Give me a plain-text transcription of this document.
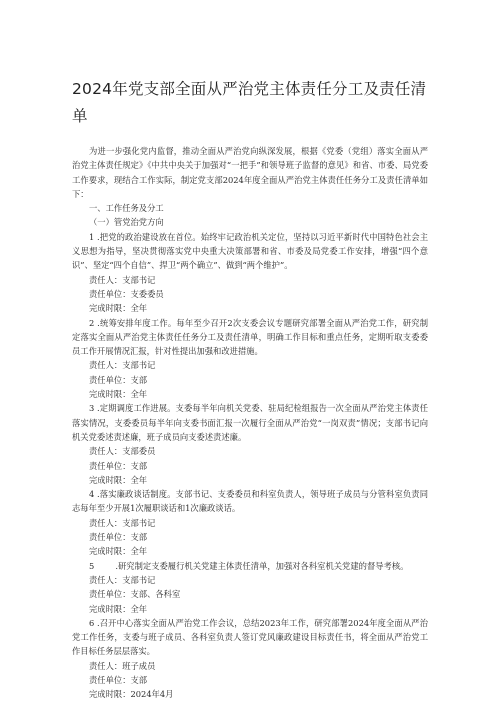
2024年党支部全面从严治党主体责任分工及责任清单

为进一步强化党内监督，推动全面从严治党向纵深发展，根据《党委（党组）落实全面从严治党主体责任规定》《中共中央关于加强对“一把手”和领导班子监督的意见》和省、市委、局党委工作要求，现结合工作实际，制定党支部2024年度全面从严治党主体责任任务分工及责任清单如下：

一、工作任务及分工

（一）管党治党方向

1 .把党的政治建设放在首位。始终牢记政治机关定位，坚持以习近平新时代中国特色社会主义思想为指导，坚决贯彻落实党中央重大决策部署和省、市委及局党委工作安排，增强“四个意识”、坚定“四个自信”、捍卫“两个确立”、做到“两个维护”。

责任人：支部书记

责任单位：支委委员

完成时限：全年

2 .统筹安排年度工作。每年至少召开2次支委会议专题研究部署全面从严治党工作，研究制定落实全面从严治党主体责任任务分工及责任清单，明确工作目标和重点任务，定期听取支委委员工作开展情况汇报，针对性提出加强和改进措施。

责任人：支部书记

责任单位：支部

完成时限：全年

3 .定期调度工作进展。支委每半年向机关党委、驻局纪检组报告一次全面从严治党主体责任落实情况，支委委员每半年向支委书面汇报一次履行全面从严治党“一岗双责”情况；支部书记向机关党委述责述廉，班子成员向支委述责述廉。

责任人：支部委员

责任单位：支部

完成时限：全年

4 .落实廉政谈话制度。支部书记、支委委员和科室负责人，领导班子成员与分管科室负责同志每年至少开展1次履职谈话和1次廉政谈话。

责任人：支部书记

责任单位：支部

完成时限：全年

5        .研究制定支委履行机关党建主体责任清单，加强对各科室机关党建的督导考核。

责任人：支部书记

责任单位：支部、各科室

完成时限：全年

6 .召开中心落实全面从严治党工作会议，总结2023年工作，研究部署2024年度全面从严治党工作任务，支委与班子成员、各科室负责人签订党风廉政建设目标责任书，将全面从严治党工作目标任务层层落实。

责任人：班子成员

责任单位：支部

完成时限：2024年4月
